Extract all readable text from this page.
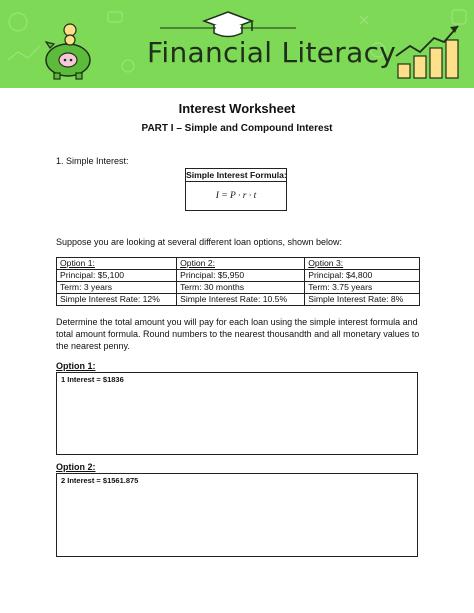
Financial Literacy
Interest Worksheet
PART I – Simple and Compound Interest
1. Simple Interest:
Simple Interest Formula:
I = P · r · t
Suppose you are looking at several different loan options, shown below:
Option 1:	Option 2:	Option 3:
Principal: $5,100	Principal: $5,950	Principal: $4,800
Term: 3 years	Term: 30 months	Term: 3.75 years
Simple Interest Rate: 12%	Simple Interest Rate: 10.5%	Simple Interest Rate: 8%
Determine the total amount you will pay for each loan using the simple interest formula and
total amount formula. Round numbers to the nearest thousandth and all monetary values to
the nearest penny.
Option 1:
1 Interest = $1836
Option 2:
2 Interest = $1561.875
